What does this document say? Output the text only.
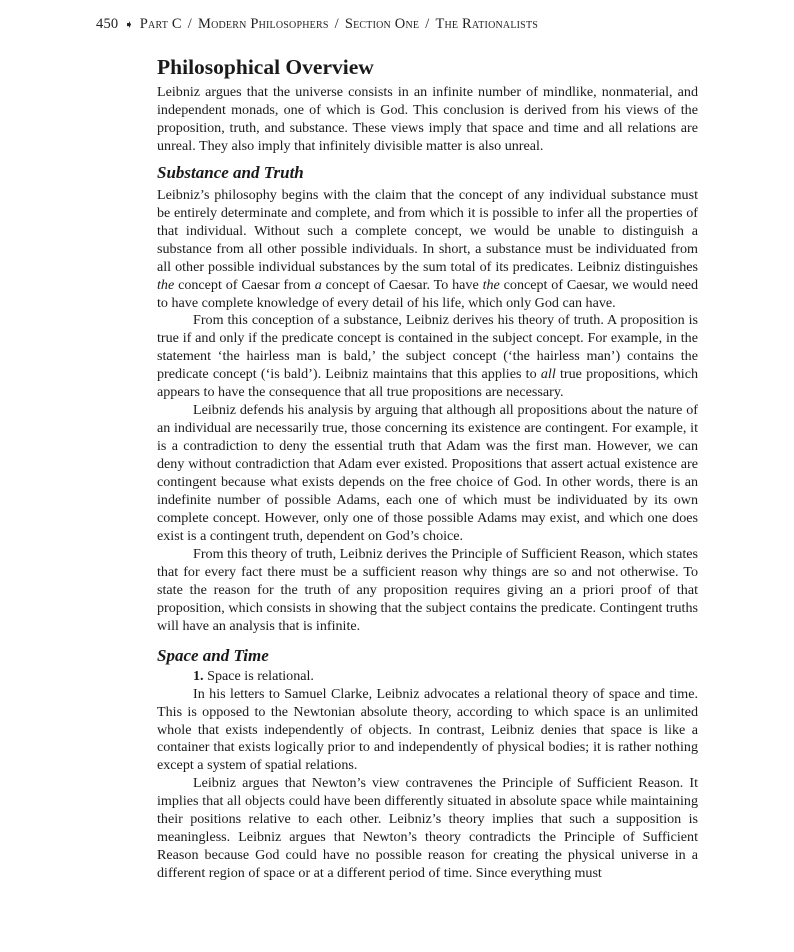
450 ➧ Part C / Modern Philosophers / Section One / The Rationalists
Philosophical Overview

Leibniz argues that the universe consists in an infinite number of mindlike, nonmaterial, and independent monads, one of which is God. This conclusion is derived from his views of the proposition, truth, and substance. These views imply that space and time and all relations are unreal. They also imply that infinitely divisible matter is also unreal.

Substance and Truth

Leibniz’s philosophy begins with the claim that the concept of any individual substance must be entirely determinate and complete, and from which it is possible to infer all the properties of that individual. Without such a complete concept, we would be unable to distinguish a substance from all other possible individuals. In short, a substance must be individuated from all other possible individual substances by the sum total of its predicates. Leibniz distinguishes the concept of Caesar from a concept of Caesar. To have the concept of Caesar, we would need to have complete knowledge of every detail of his life, which only God can have.

From this conception of a substance, Leibniz derives his theory of truth. A proposition is true if and only if the predicate concept is contained in the subject concept. For example, in the statement ‘the hairless man is bald,’ the subject concept (‘the hairless man’) contains the predicate concept (‘is bald’). Leibniz maintains that this applies to all true propositions, which appears to have the consequence that all true propositions are necessary.

Leibniz defends his analysis by arguing that although all propositions about the nature of an individual are necessarily true, those concerning its existence are contingent. For example, it is a contradiction to deny the essential truth that Adam was the first man. However, we can deny without contradiction that Adam ever existed. Propositions that assert actual existence are contingent because what exists depends on the free choice of God. In other words, there is an indefinite number of possible Adams, each one of which must be individuated by its own complete concept. However, only one of those possible Adams may exist, and which one does exist is a contingent truth, dependent on God’s choice.

From this theory of truth, Leibniz derives the Principle of Sufficient Reason, which states that for every fact there must be a sufficient reason why things are so and not otherwise. To state the reason for the truth of any proposition requires giving an a priori proof of that proposition, which consists in showing that the subject contains the predicate. Contingent truths will have an analysis that is infinite.

Space and Time

1. Space is relational.

In his letters to Samuel Clarke, Leibniz advocates a relational theory of space and time. This is opposed to the Newtonian absolute theory, according to which space is an unlimited whole that exists independently of objects. In contrast, Leibniz denies that space is like a container that exists logically prior to and independently of physical bodies; it is rather nothing except a system of spatial relations.

Leibniz argues that Newton’s view contravenes the Principle of Sufficient Reason. It implies that all objects could have been differently situated in absolute space while maintaining their positions relative to each other. Leibniz’s theory implies that such a supposition is meaningless. Leibniz argues that Newton’s theory contradicts the Principle of Sufficient Reason because God could have no possible reason for creating the physical universe in a different region of space or at a different period of time. Since everything must
